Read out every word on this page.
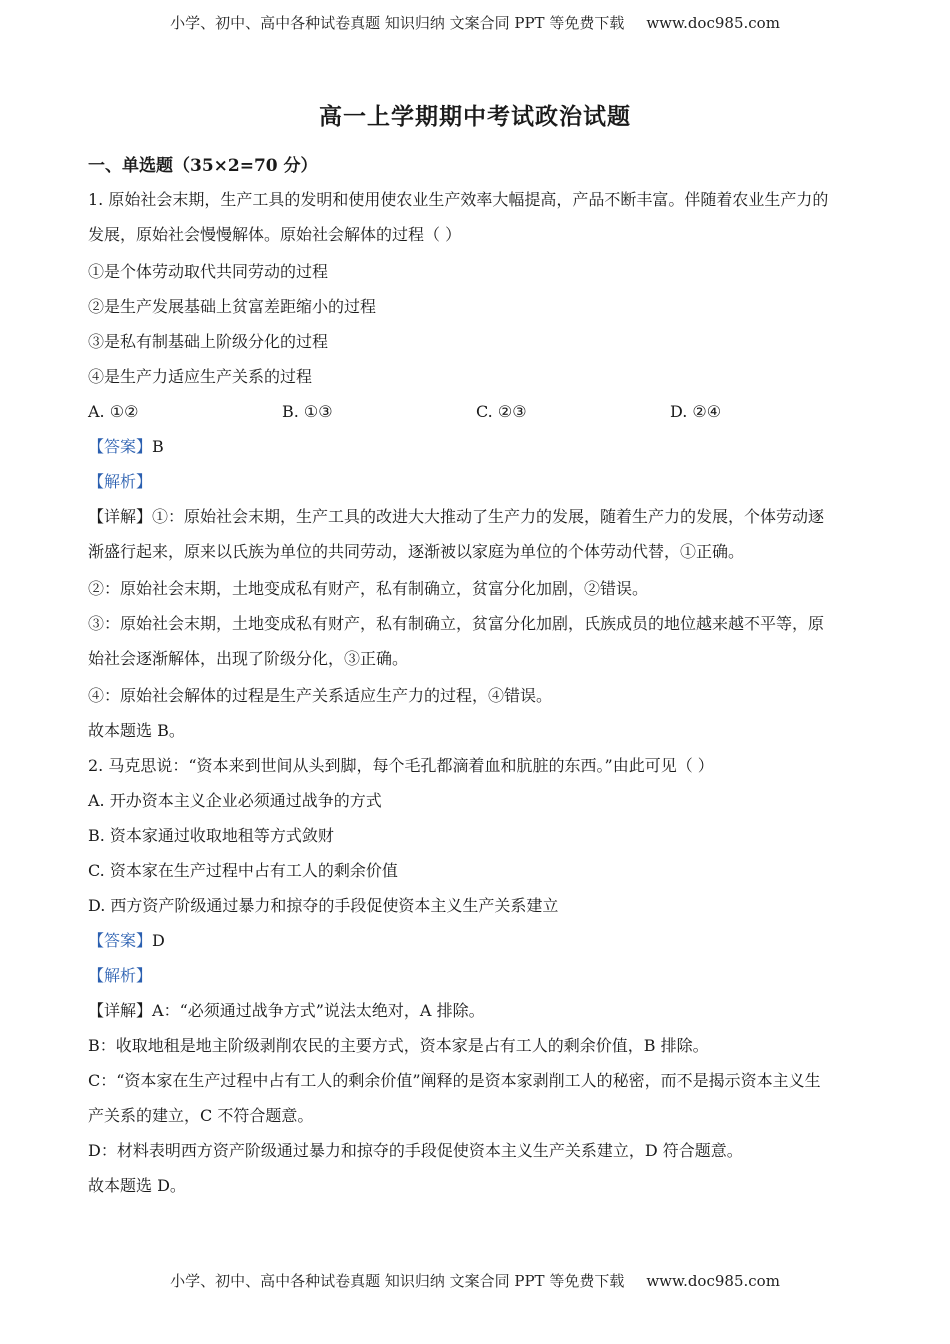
小学、初中、高中各种试卷真题 知识归纳 文案合同 PPT 等免费下载 www.doc985.com
高一上学期期中考试政治试题
一、单选题（35×2=70 分）
1. 原始社会末期，生产工具的发明和使用使农业生产效率大幅提高，产品不断丰富。伴随着农业生产力的
发展，原始社会慢慢解体。原始社会解体的过程（ ）
①是个体劳动取代共同劳动的过程
②是生产发展基础上贫富差距缩小的过程
③是私有制基础上阶级分化的过程
④是生产力适应生产关系的过程
A. ①②	B. ①③	C. ②③	D. ②④
【答案】B
【解析】
【详解】①：原始社会末期，生产工具的改进大大推动了生产力的发展，随着生产力的发展，个体劳动逐
渐盛行起来，原来以氏族为单位的共同劳动，逐渐被以家庭为单位的个体劳动代替，①正确。
②：原始社会末期，土地变成私有财产，私有制确立，贫富分化加剧，②错误。
③：原始社会末期，土地变成私有财产，私有制确立，贫富分化加剧，氏族成员的地位越来越不平等，原
始社会逐渐解体，出现了阶级分化，③正确。
④：原始社会解体的过程是生产关系适应生产力的过程，④错误。
故本题选 B。
2. 马克思说：“资本来到世间从头到脚，每个毛孔都滴着血和肮脏的东西。”由此可见（ ）
A. 开办资本主义企业必须通过战争的方式
B. 资本家通过收取地租等方式敛财
C. 资本家在生产过程中占有工人的剩余价值
D. 西方资产阶级通过暴力和掠夺的手段促使资本主义生产关系建立
【答案】D
【解析】
【详解】A：“必须通过战争方式”说法太绝对，A 排除。
B：收取地租是地主阶级剥削农民的主要方式，资本家是占有工人的剩余价值，B 排除。
C：“资本家在生产过程中占有工人的剩余价值”阐释的是资本家剥削工人的秘密，而不是揭示资本主义生
产关系的建立，C 不符合题意。
D：材料表明西方资产阶级通过暴力和掠夺的手段促使资本主义生产关系建立，D 符合题意。
故本题选 D。
小学、初中、高中各种试卷真题 知识归纳 文案合同 PPT 等免费下载 www.doc985.com
